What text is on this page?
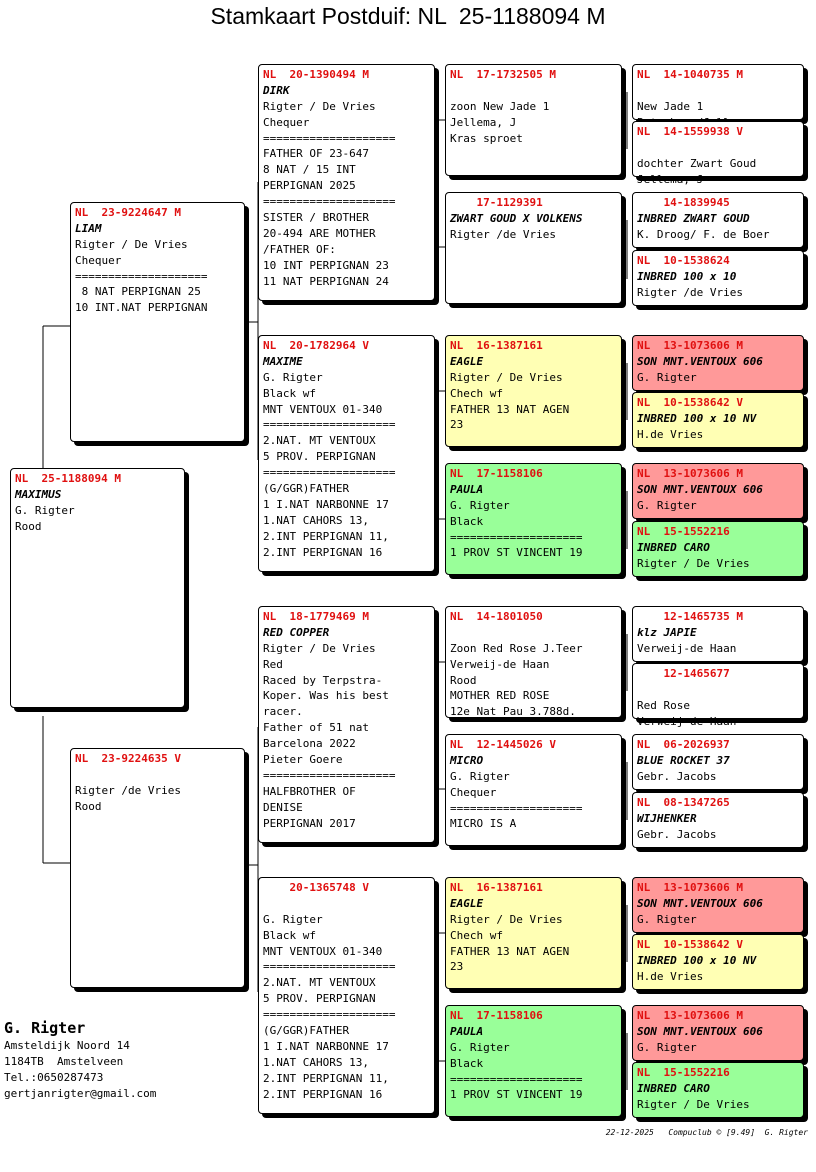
Stamkaart Postduif: NL  25-1188094 M
NL  25-1188094 M
MAXIMUS
G. Rigter
Rood
NL  23-9224647 M
LIAM
Rigter / De Vries
Chequer
====================
8 NAT PERPIGNAN 25
10 INT.NAT PERPIGNAN
NL  23-9224635 V
Rigter /de Vries
Rood
NL  20-1390494 M
DIRK
Rigter / De Vries
Chequer
====================
FATHER OF 23-647
8 NAT / 15 INT
PERPIGNAN 2025
====================
SISTER / BROTHER
20-494 ARE MOTHER
/FATHER OF:
10 INT PERPIGNAN 23
11 NAT PERPIGNAN 24
NL  20-1782964 V
MAXIME
G. Rigter
Black wf
MNT VENTOUX 01-340
====================
2.NAT. MT VENTOUX
5 PROV. PERPIGNAN
====================
(G/GGR)FATHER
1 I.NAT NARBONNE 17
1.NAT CAHORS 13,
2.INT PERPIGNAN 11,
2.INT PERPIGNAN 16
NL  18-1779469 M
RED COPPER
Rigter / De Vries
Red
Raced by Terpstra-
Koper. Was his best
racer.
Father of 51 nat
Barcelona 2022
Pieter Goere
====================
HALFBROTHER OF
DENISE
PERPIGNAN 2017
20-1365748 V
G. Rigter
Black wf
MNT VENTOUX 01-340
====================
2.NAT. MT VENTOUX
5 PROV. PERPIGNAN
====================
(G/GGR)FATHER
1 I.NAT NARBONNE 17
1.NAT CAHORS 13,
2.INT PERPIGNAN 11,
2.INT PERPIGNAN 16
NL  17-1732505 M
zoon New Jade 1
Jellema, J
Kras sproet
17-1129391
ZWART GOUD X VOLKENS
Rigter /de Vries
NL  16-1387161
EAGLE
Rigter / De Vries
Chech wf
FATHER 13 NAT AGEN
23
NL  17-1158106
PAULA
G. Rigter
Black
====================
1 PROV ST VINCENT 19
NL  14-1801050
Zoon Red Rose J.Teer
Verweij-de Haan
Rood
MOTHER RED ROSE
12e Nat Pau 3.788d.
NL  12-1445026 V
MICRO
G. Rigter
Chequer
====================
MICRO IS A
NL  16-1387161
EAGLE
Rigter / De Vries
Chech wf
FATHER 13 NAT AGEN
23
NL  17-1158106
PAULA
G. Rigter
Black
====================
1 PROV ST VINCENT 19
NL  14-1040735 M
New Jade 1
NL  14-1559938 V
dochter Zwart Goud
Jellema, J
14-1839945
INBRED ZWART GOUD
K. Droog/ F. de Boer
NL  10-1538624
INBRED 100 x 10
Rigter /de Vries
NL  13-1073606 M
SON MNT.VENTOUX 606
G. Rigter
NL  10-1538642 V
INBRED 100 x 10 NV
H.de Vries
NL  13-1073606 M
SON MNT.VENTOUX 606
G. Rigter
NL  15-1552216
INBRED CARO
Rigter / De Vries
12-1465735 M
klz JAPIE
Verweij-de Haan
12-1465677
Red Rose
Verweij-de Haan
NL  06-2026937
BLUE ROCKET 37
Gebr. Jacobs
NL  08-1347265
WIJHENKER
Gebr. Jacobs
NL  13-1073606 M
SON MNT.VENTOUX 606
G. Rigter
NL  10-1538642 V
INBRED 100 x 10 NV
H.de Vries
NL  13-1073606 M
SON MNT.VENTOUX 606
G. Rigter
NL  15-1552216
INBRED CARO
Rigter / De Vries
G. Rigter
Amsteldijk Noord 14
1184TB  Amstelveen
Tel.:0650287473
gertjanrigter@gmail.com
22-12-2025   Compuclub © [9.49]  G. Rigter
